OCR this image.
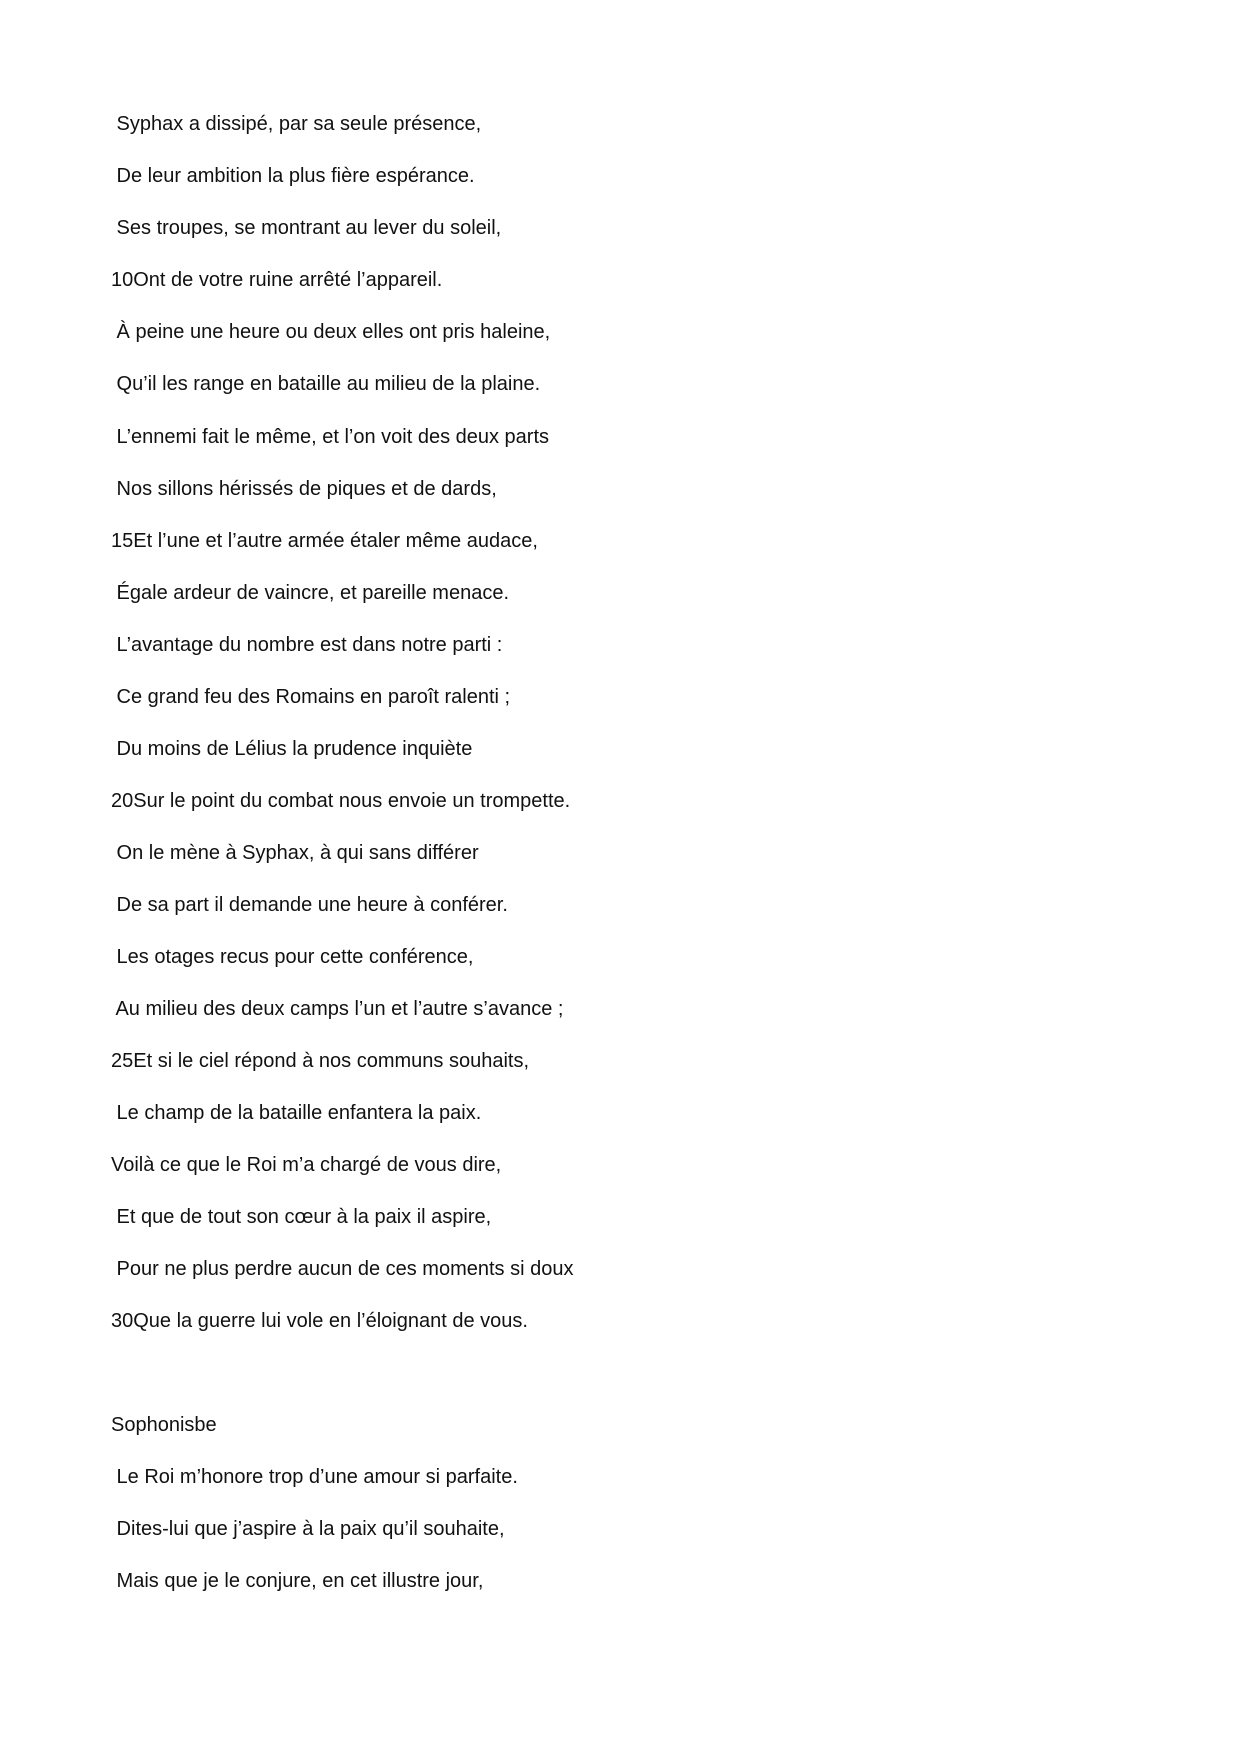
Syphax a dissipé, par sa seule présence,
De leur ambition la plus fière espérance.
Ses troupes, se montrant au lever du soleil,
10Ont de votre ruine arrêté l’appareil.
À peine une heure ou deux elles ont pris haleine,
Qu’il les range en bataille au milieu de la plaine.
L’ennemi fait le même, et l’on voit des deux parts
Nos sillons hérissés de piques et de dards,
15Et l’une et l’autre armée étaler même audace,
Égale ardeur de vaincre, et pareille menace.
L’avantage du nombre est dans notre parti :
Ce grand feu des Romains en paroît ralenti ;
Du moins de Lélius la prudence inquiète
20Sur le point du combat nous envoie un trompette.
On le mène à Syphax, à qui sans différer
De sa part il demande une heure à conférer.
Les otages recus pour cette conférence,
Au milieu des deux camps l’un et l’autre s’avance ;
25Et si le ciel répond à nos communs souhaits,
Le champ de la bataille enfantera la paix.
Voilà ce que le Roi m’a chargé de vous dire,
Et que de tout son cœur à la paix il aspire,
Pour ne plus perdre aucun de ces moments si doux
30Que la guerre lui vole en l’éloignant de vous.
Sophonisbe
Le Roi m’honore trop d’une amour si parfaite.
Dites-lui que j’aspire à la paix qu’il souhaite,
Mais que je le conjure, en cet illustre jour,
